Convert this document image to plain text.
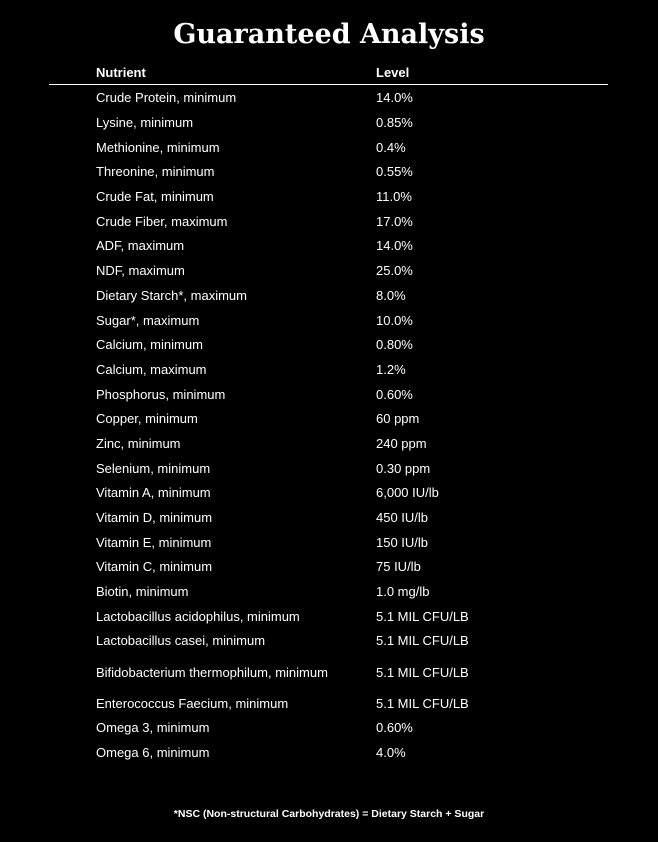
Guaranteed Analysis
Nutrient	Level
Crude Protein, minimum	14.0%
Lysine, minimum	0.85%
Methionine, minimum	0.4%
Threonine, minimum	0.55%
Crude Fat, minimum	11.0%
Crude Fiber, maximum	17.0%
ADF, maximum	14.0%
NDF, maximum	25.0%
Dietary Starch*, maximum	8.0%
Sugar*, maximum	10.0%
Calcium, minimum	0.80%
Calcium, maximum	1.2%
Phosphorus, minimum	0.60%
Copper, minimum	60 ppm
Zinc, minimum	240 ppm
Selenium, minimum	0.30 ppm
Vitamin A, minimum	6,000 IU/lb
Vitamin D, minimum	450 IU/lb
Vitamin E, minimum	150 IU/lb
Vitamin C, minimum	75 IU/lb
Biotin, minimum	1.0 mg/lb
Lactobacillus acidophilus, minimum	5.1 MIL CFU/LB
Lactobacillus casei, minimum	5.1 MIL CFU/LB
Bifidobacterium thermophilum, minimum	5.1 MIL CFU/LB
Enterococcus Faecium, minimum	5.1 MIL CFU/LB
Omega 3, minimum	0.60%
Omega 6, minimum	4.0%
*NSC (Non-structural Carbohydrates) = Dietary Starch + Sugar
